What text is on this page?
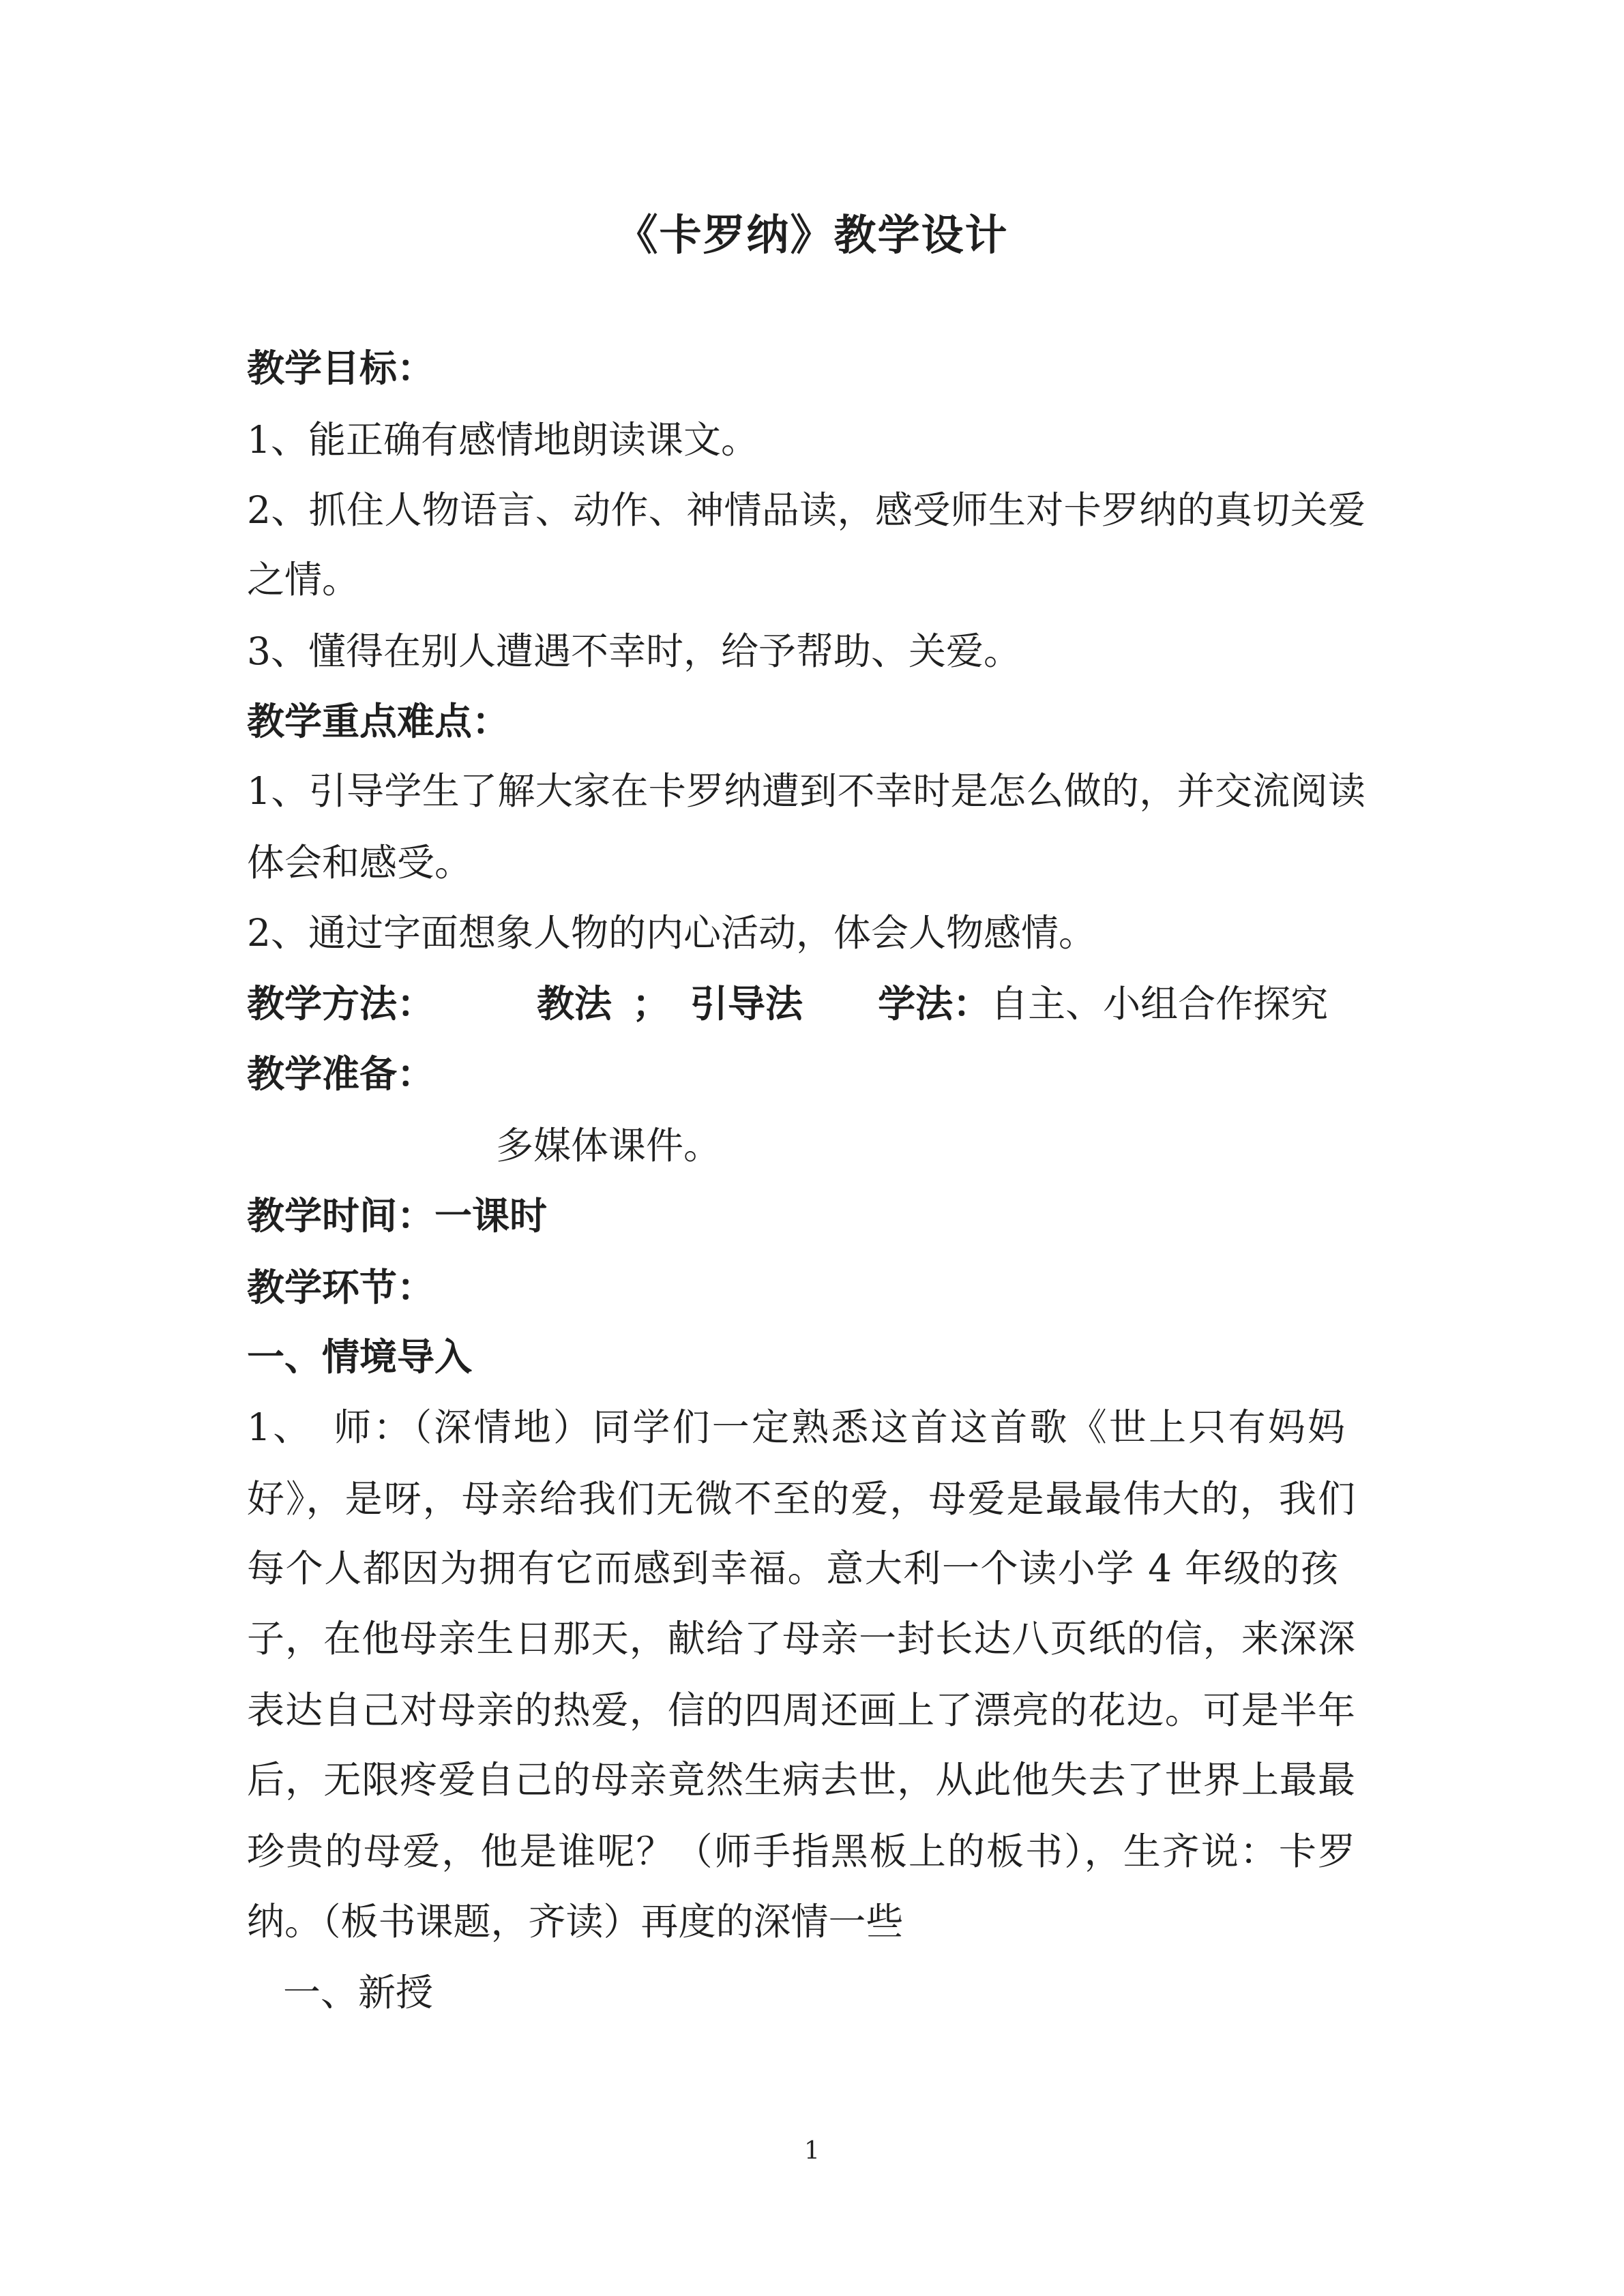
《卡罗纳》教学设计
教学目标：
1、能正确有感情地朗读课文。
2、抓住人物语言、动作、神情品读，感受师生对卡罗纳的真切关爱
之情。
3、懂得在别人遭遇不幸时，给予帮助、关爱。
教学重点难点：
1、引导学生了解大家在卡罗纳遭到不幸时是怎么做的，并交流阅读
体会和感受。
2、通过字面想象人物的内心活动，体会人物感情。
教学方法：	教法 ； 引导法 学法：自主、小组合作探究
教学准备：
多媒体课件。
教学时间：一课时
教学环节：
一、情境导入
1、　师：（深情地）同学们一定熟悉这首这首歌《世上只有妈妈
好》，是呀，母亲给我们无微不至的爱，母爱是最最伟大的，我们
每个人都因为拥有它而感到幸福。意大利一个读小学 4 年级的孩
子，在他母亲生日那天，献给了母亲一封长达八页纸的信，来深深
表达自己对母亲的热爱，信的四周还画上了漂亮的花边。可是半年
后，无限疼爱自己的母亲竟然生病去世，从此他失去了世界上最最
珍贵的母爱，他是谁呢？（师手指黑板上的板书），生齐说：卡罗
纳。（板书课题，齐读）再度的深情一些
一、新授
1
